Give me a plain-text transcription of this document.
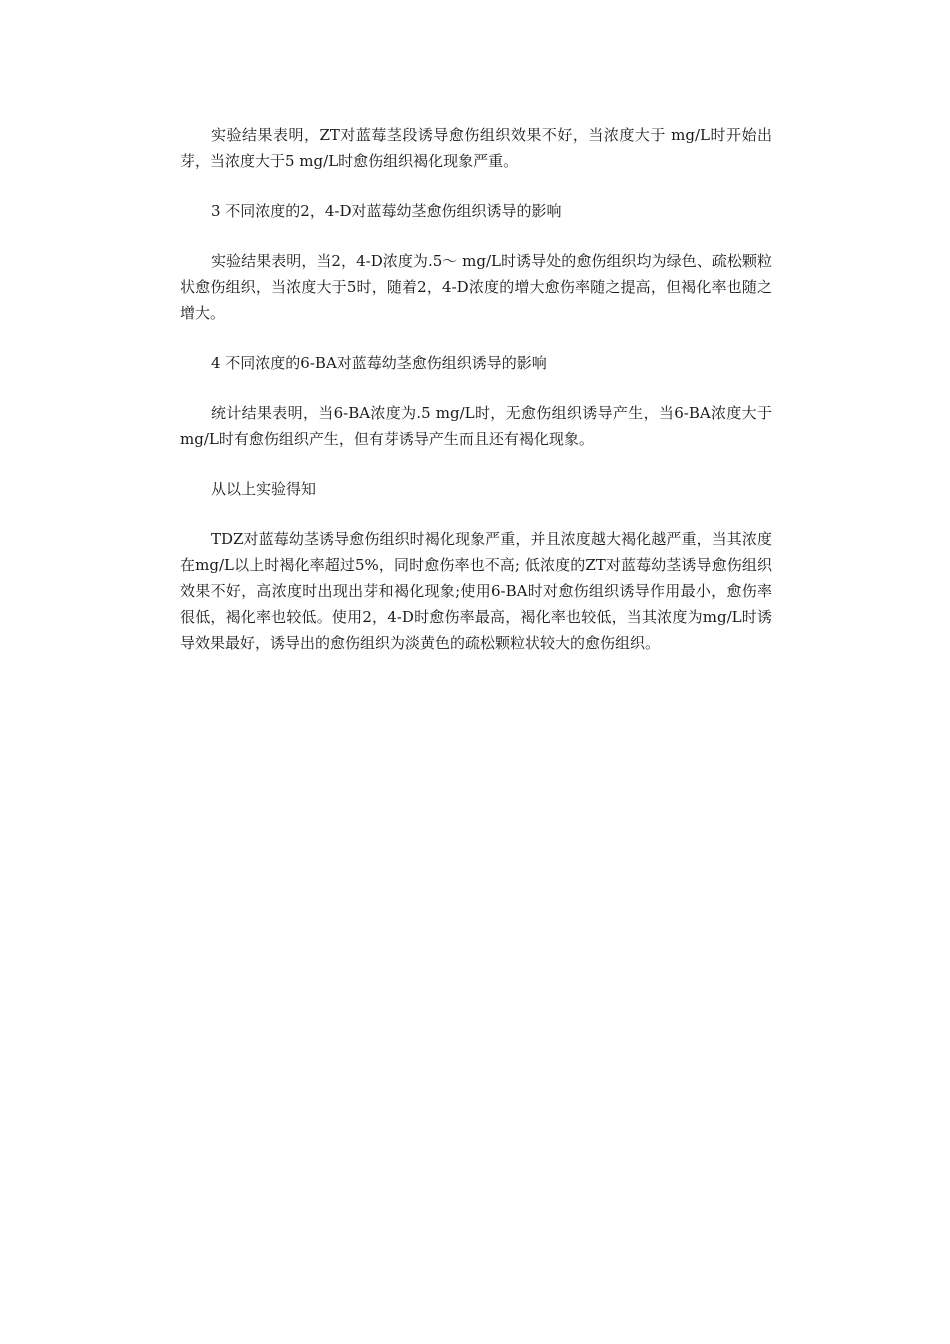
实验结果表明，ZT对蓝莓茎段诱导愈伤组织效果不好，当浓度大于 mg/L时开始出芽，当浓度大于5 mg/L时愈伤组织褐化现象严重。

3 不同浓度的2，4-D对蓝莓幼茎愈伤组织诱导的影响

实验结果表明，当2，4-D浓度为.5～ mg/L时诱导处的愈伤组织均为绿色、疏松颗粒状愈伤组织，当浓度大于5时，随着2，4-D浓度的增大愈伤率随之提高，但褐化率也随之增大。

4 不同浓度的6-BA对蓝莓幼茎愈伤组织诱导的影响

统计结果表明，当6-BA浓度为.5 mg/L时，无愈伤组织诱导产生，当6-BA浓度大于mg/L时有愈伤组织产生，但有芽诱导产生而且还有褐化现象。

从以上实验得知

TDZ对蓝莓幼茎诱导愈伤组织时褐化现象严重，并且浓度越大褐化越严重，当其浓度在mg/L以上时褐化率超过5%，同时愈伤率也不高; 低浓度的ZT对蓝莓幼茎诱导愈伤组织效果不好，高浓度时出现出芽和褐化现象;使用6-BA时对愈伤组织诱导作用最小，愈伤率很低，褐化率也较低。使用2，4-D时愈伤率最高，褐化率也较低，当其浓度为mg/L时诱导效果最好，诱导出的愈伤组织为淡黄色的疏松颗粒状较大的愈伤组织。
